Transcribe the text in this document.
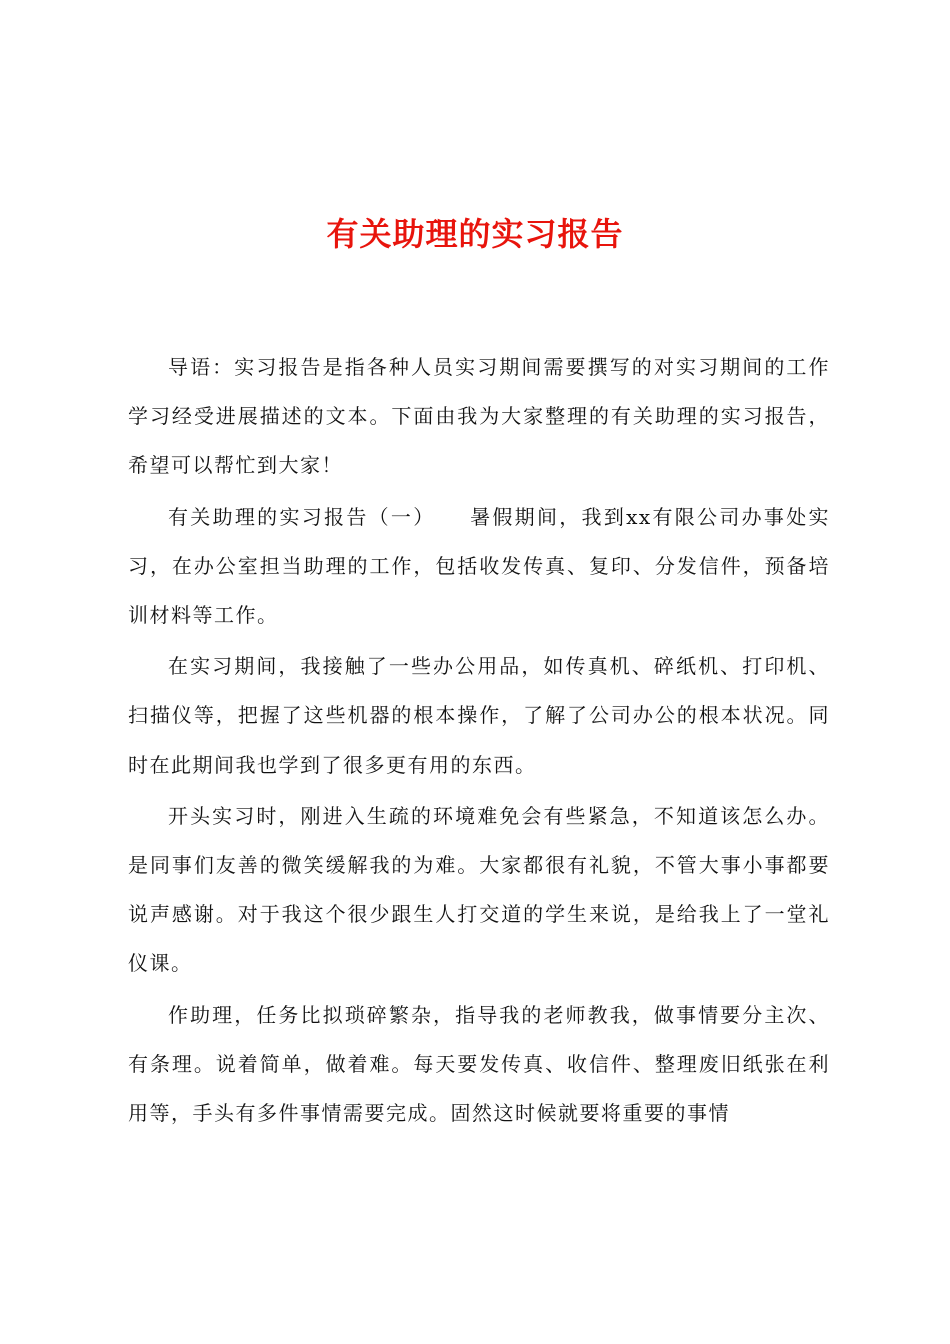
有关助理的实习报告

导语：实习报告是指各种人员实习期间需要撰写的对实习期间的工作学习经受进展描述的文本。下面由我为大家整理的有关助理的实习报告，希望可以帮忙到大家！

有关助理的实习报告（一）　　暑假期间，我到xx有限公司办事处实习，在办公室担当助理的工作，包括收发传真、复印、分发信件，预备培训材料等工作。

在实习期间，我接触了一些办公用品，如传真机、碎纸机、打印机、扫描仪等，把握了这些机器的根本操作，了解了公司办公的根本状况。同时在此期间我也学到了很多更有用的东西。

开头实习时，刚进入生疏的环境难免会有些紧急，不知道该怎么办。是同事们友善的微笑缓解我的为难。大家都很有礼貌，不管大事小事都要说声感谢。对于我这个很少跟生人打交道的学生来说，是给我上了一堂礼仪课。

作助理，任务比拟琐碎繁杂，指导我的老师教我，做事情要分主次、有条理。说着简单，做着难。每天要发传真、收信件、整理废旧纸张在利用等，手头有多件事情需要完成。固然这时候就要将重要的事情
